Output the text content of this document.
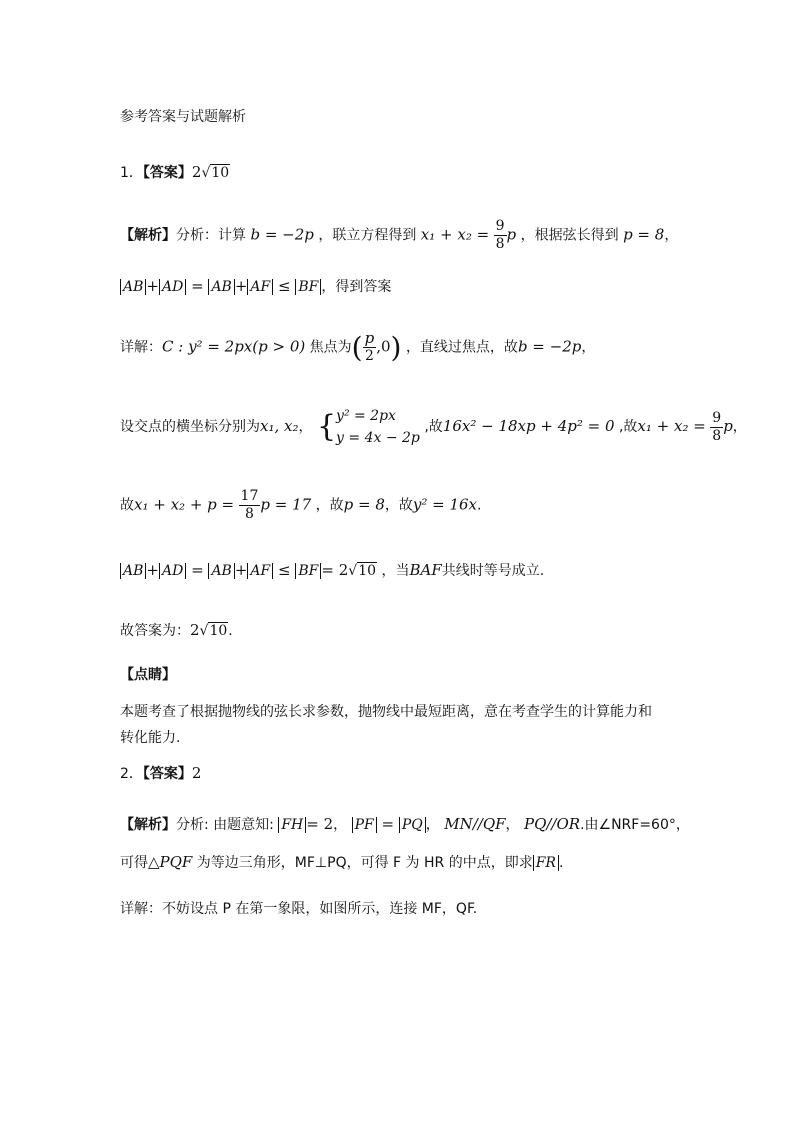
参考答案与试题解析
1．【答案】2√10
【解析】分析：计算 b = −2p ，联立方程得到 $x_1 + x_2 = \frac{9}{8}$ p ，根据弦长得到 p = 8，
AB + AD = AB + AF ≤ BF ，得到答案
详解：C : y² = 2px(p > 0) 焦点为( $\frac{p}{2} ,0$) ，直线过焦点，故b = −2p，
设交点的横坐标分别为x₁, x₂， { y² = 2px
y = 4x − 2p
,故16x² − 18xp + 4p² = 0 ,故$x_1 + x_2 = \frac{9}{8}$ p，
故$x_1 + x_2 + p = \frac{17}{8}$ p = 17 ，故p = 8，故y² = 16x.
AB + AD = AB + AF ≤ BF = 2√10 ，当BAF共线时等号成立.
故答案为：2√10.
【点睛】
本题考查了根据抛物线的弦长求参数，抛物线中最短距离，意在考查学生的计算能力和
转化能力.
2．【答案】2
【解析】分析: 由题意知: FH = 2， PF = PQ ， MN//QF， PQ//OR.由∠NRF=60°，
可得△PQF 为等边三角形，MF⊥PQ，可得 F 为 HR 的中点，即求 FR .
详解：不妨设点 P 在第一象限，如图所示，连接 MF，QF.
